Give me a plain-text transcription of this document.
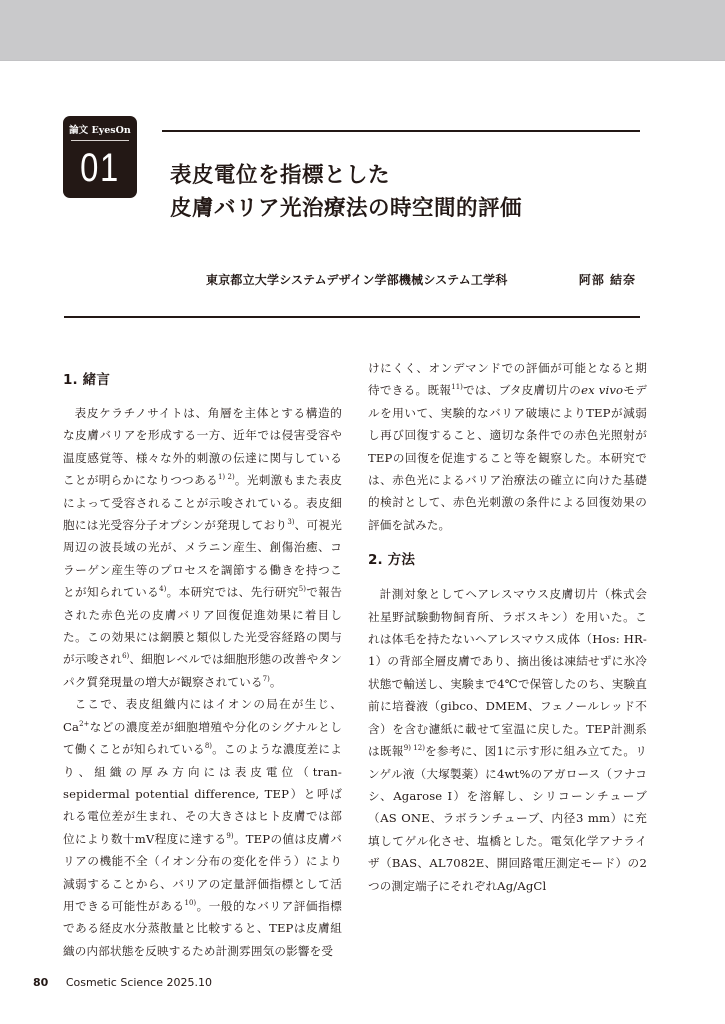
論文 EyesOn
01	表皮電位を指標とした
皮膚バリア光治療法の時空間的評価
東京都立大学システムデザイン学部機械システム工学科	阿部 結奈
1. 緒言

表皮ケラチノサイトは、角層を主体とする構造的な皮膚バリアを形成する一方、近年では侵害受容や温度感覚等、様々な外的刺激の伝達に関与していることが明らかになりつつある$^{1) 2)}$。光刺激もまた表皮によって受容されることが示唆されている。表皮細胞には光受容分子オプシンが発現しており$^{3)}$、可視光周辺の波長域の光が、メラニン産生、創傷治癒、コラーゲン産生等のプロセスを調節する働きを持つことが知られている$^{4)}$。本研究では、先行研究$^{5)}$で報告された赤色光の皮膚バリア回復促進効果に着目した。この効果には網膜と類似した光受容経路の関与が示唆され$^{6)}$、細胞レベルでは細胞形態の改善やタンパク質発現量の増大が観察されている$^{7)}$。

ここで、表皮組織内にはイオンの局在が生じ、$Ca^{2+}$などの濃度差が細胞増殖や分化のシグナルとして働くことが知られている$^{8)}$。このような濃度差により、組織の厚み方向には表皮電位（tran-sepidermal potential difference, TEP）と呼ばれる電位差が生まれ、その大きさはヒト皮膚では部位により数十mV程度に達する$^{9)}$。TEPの値は皮膚バリアの機能不全（イオン分布の変化を伴う）により減弱することから、バリアの定量評価指標として活用できる可能性がある$^{10)}$。一般的なバリア評価指標である経皮水分蒸散量と比較すると、TEPは皮膚組織の内部状態を反映するため計測雰囲気の影響を受

けにくく、オンデマンドでの評価が可能となると期待できる。既報$^{11)}$では、ブタ皮膚切片のex vivoモデルを用いて、実験的なバリア破壊によりTEPが減弱し再び回復すること、適切な条件での赤色光照射がTEPの回復を促進すること等を観察した。本研究では、赤色光によるバリア治療法の確立に向けた基礎的検討として、赤色光刺激の条件による回復効果の評価を試みた。

2. 方法

計測対象としてヘアレスマウス皮膚切片（株式会社星野試験動物飼育所、ラボスキン）を用いた。これは体毛を持たないヘアレスマウス成体（Hos: HR-1）の背部全層皮膚であり、摘出後は凍結せずに氷冷状態で輸送し、実験まで4℃で保管したのち、実験直前に培養液（gibco、DMEM、フェノールレッド不含）を含む濾紙に載せて室温に戻した。TEP計測系は既報$^{9) 12)}$を参考に、図1に示す形に組み立てた。リンゲル液（大塚製薬）に4wt%のアガロース（フナコシ、Agarose I）を溶解し、シリコーンチューブ（AS ONE、ラボランチューブ、内径3 mm）に充填してゲル化させ、塩橋とした。電気化学アナライザ（BAS、AL7082E、開回路電圧測定モード）の2つの測定端子にそれぞれAg/AgCl

80 Cosmetic Science 2025.10
